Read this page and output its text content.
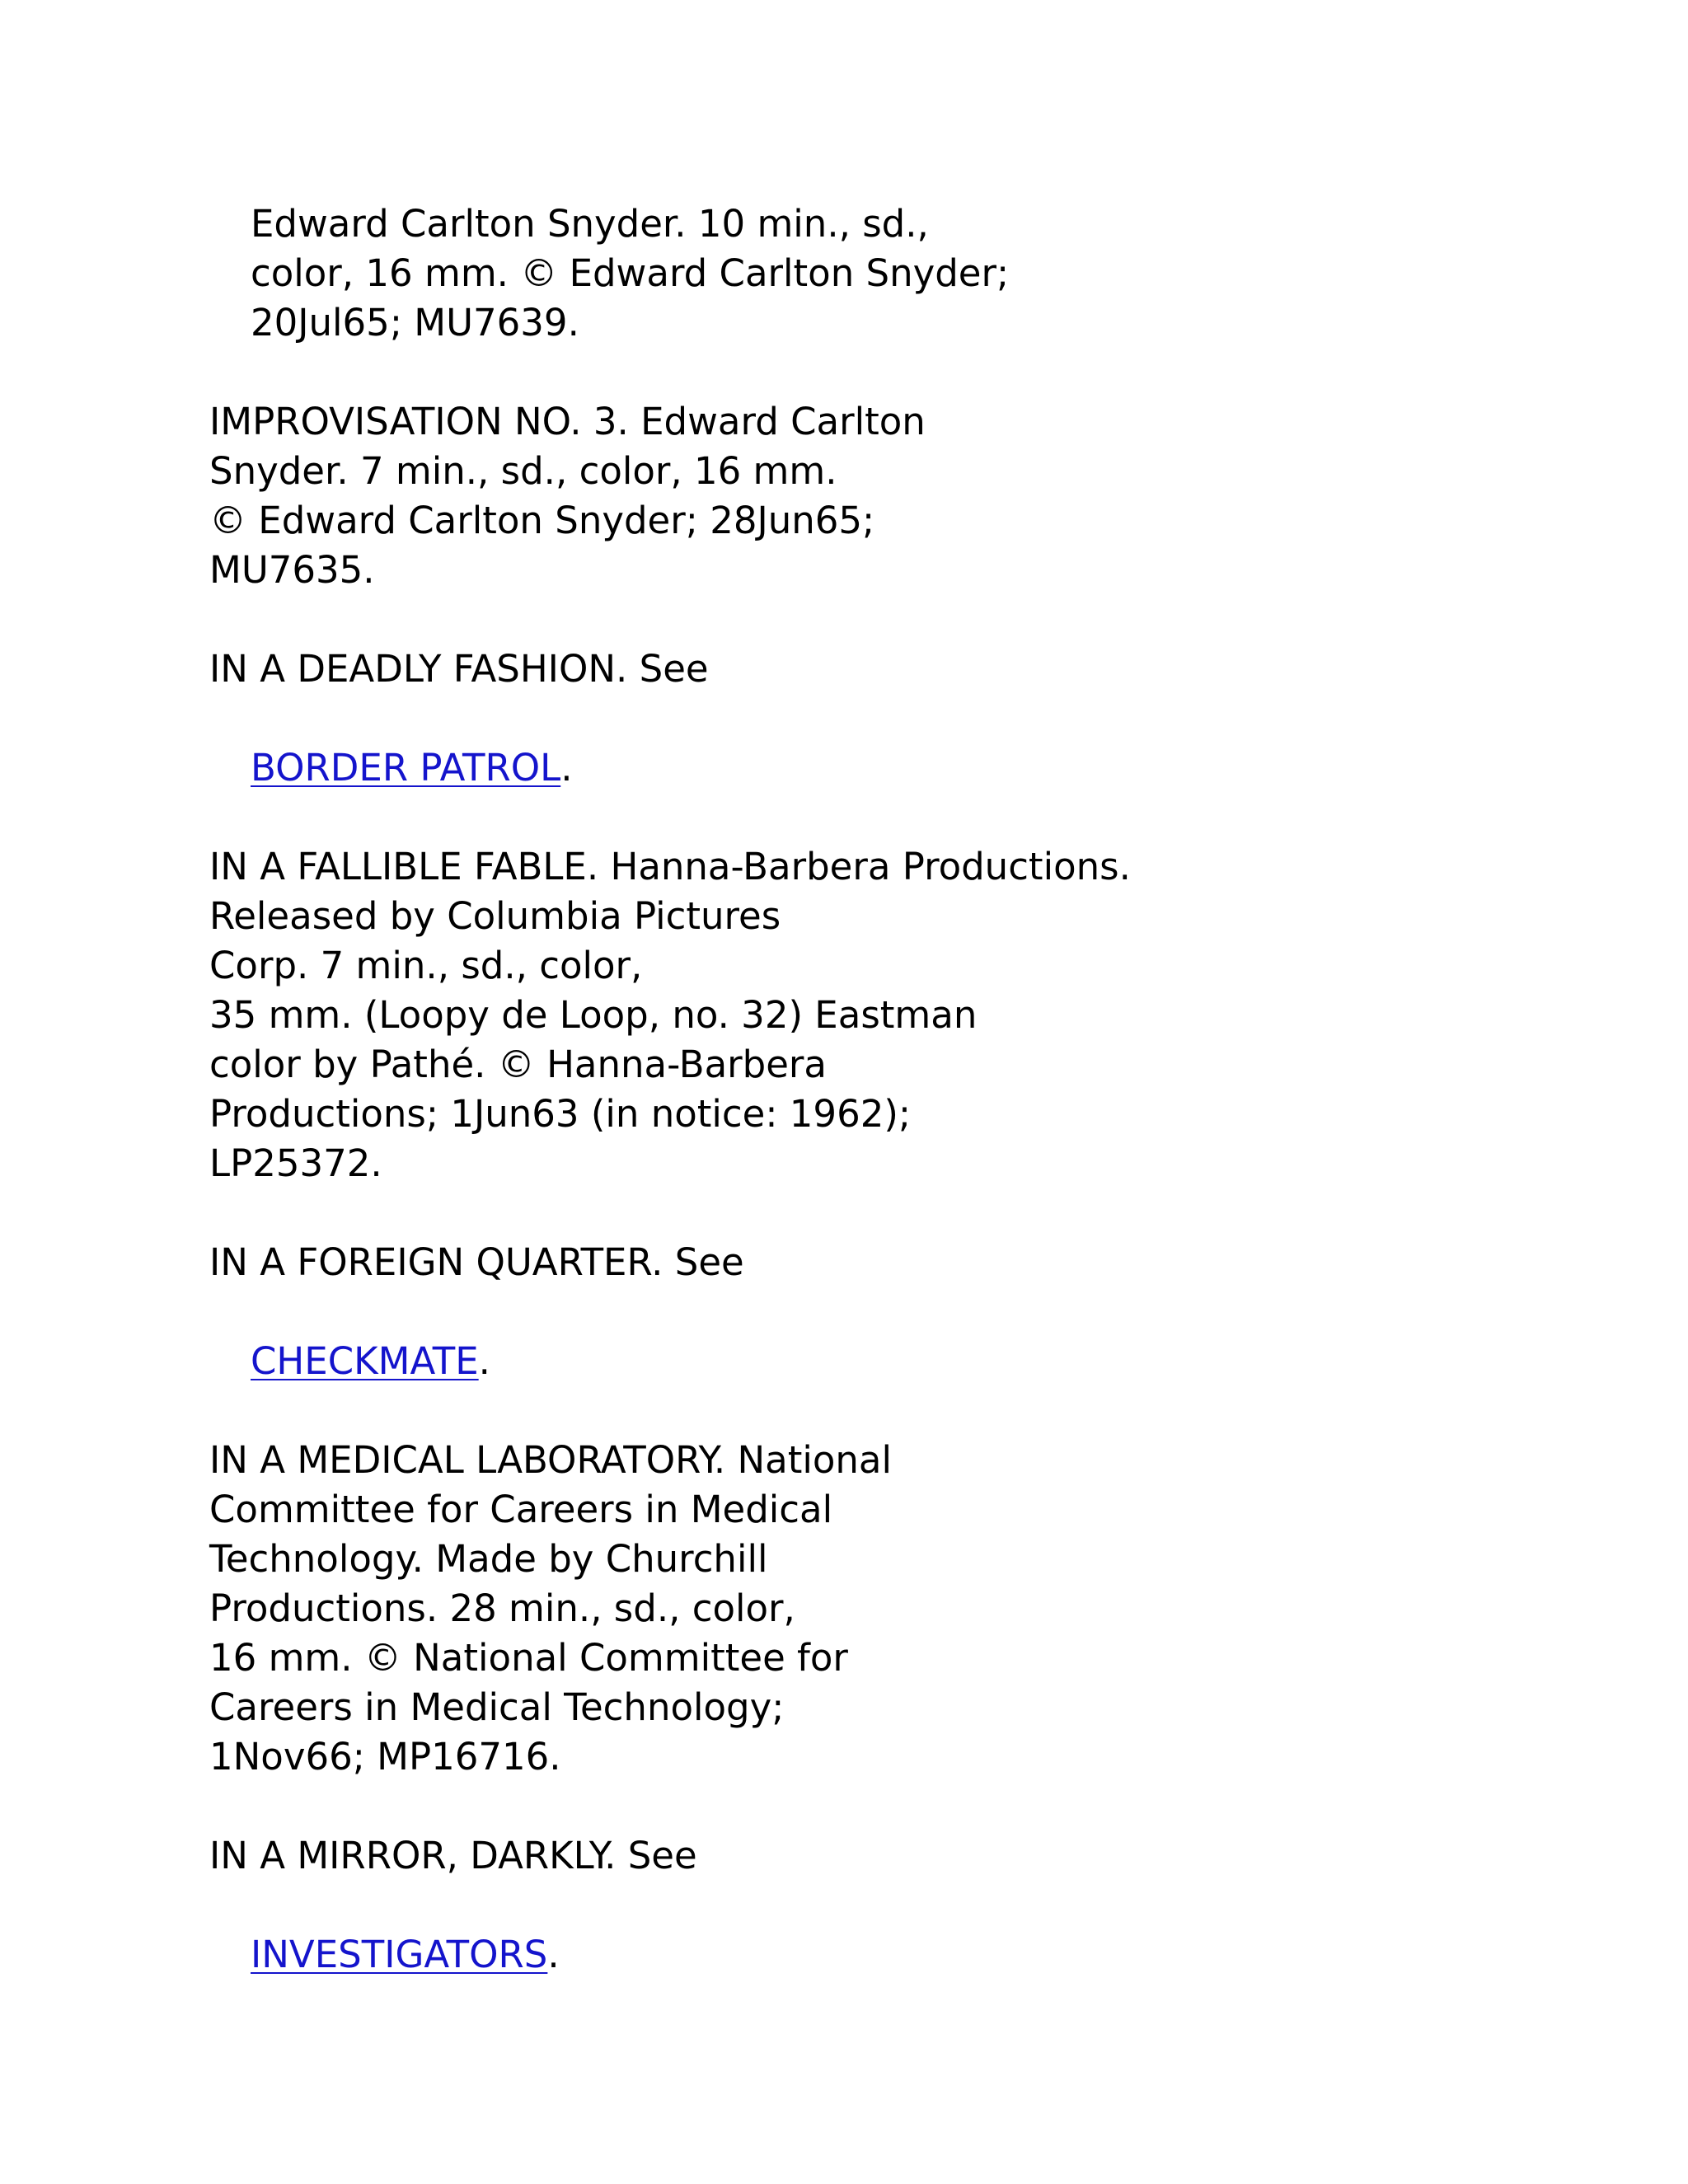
Edward Carlton Snyder. 10 min., sd.,
color, 16 mm. © Edward Carlton Snyder;
20Jul65; MU7639.
IMPROVISATION NO. 3. Edward Carlton
Snyder. 7 min., sd., color, 16 mm.
© Edward Carlton Snyder; 28Jun65;
MU7635.
IN A DEADLY FASHION. See
BORDER PATROL.
IN A FALLIBLE FABLE. Hanna-Barbera Productions.
Released by Columbia Pictures
Corp. 7 min., sd., color,
35 mm. (Loopy de Loop, no. 32) Eastman
color by Pathé. © Hanna-Barbera
Productions; 1Jun63 (in notice: 1962);
LP25372.
IN A FOREIGN QUARTER. See
CHECKMATE.
IN A MEDICAL LABORATORY. National
Committee for Careers in Medical
Technology. Made by Churchill
Productions. 28 min., sd., color,
16 mm. © National Committee for
Careers in Medical Technology;
1Nov66; MP16716.
IN A MIRROR, DARKLY. See
INVESTIGATORS.
